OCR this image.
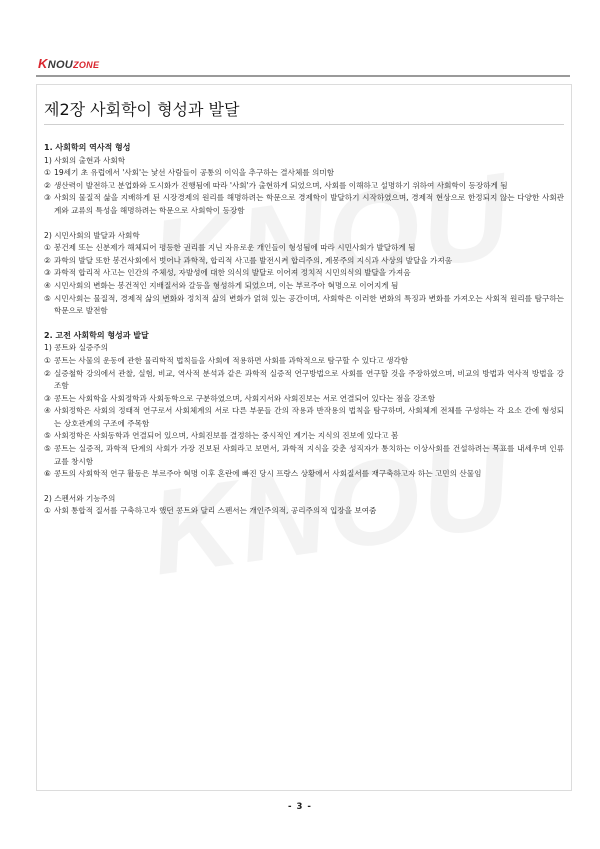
KNOUZONE
제2장 사회학이 형성과 발달

1. 사회학의 역사적 형성

1) 사회의 출현과 사회학

① 19세기 초 유럽에서 '사회'는 낯선 사람들이 공통의 이익을 추구하는 결사체를 의미함
② 생산력이 발전하고 분업화와 도시화가 진행됨에 따라 '사회'가 출현하게 되었으며, 사회를 이해하고 설명하기 위하여 사회학이 등장하게 됨
③ 사회의 물질적 삶을 지배하게 된 시장경제의 원리를 해명하려는 학문으로 경제학이 발달하기 시작하였으며, 경제적 현상으로 한정되지 않는 다양한 사회관계와 교류의 특성을 해명하려는 학문으로 사회학이 등장함

2) 시민사회의 발달과 사회학

① 봉건제 또는 신분제가 해체되어 평등한 권리를 지닌 자유로운 개인들이 형성됨에 따라 시민사회가 발달하게 됨
② 과학의 발달 또한 봉건사회에서 벗어나 과학적, 합리적 사고를 발전시켜 합리주의, 계몽주의 지식과 사상의 발달을 가져옴
③ 과학적 합리적 사고는 인간의 주체성, 자발성에 대한 의식의 발달로 이어져 정치적 시민의식의 발달을 가져옴
④ 시민사회의 변화는 봉건적인 지배질서와 갈등을 형성하게 되었으며, 이는 부르주아 혁명으로 이어지게 됨
⑤ 시민사회는 물질적, 경제적 삶의 변화와 정치적 삶의 변화가 얽혀 있는 공간이며, 사회학은 이러한 변화의 특징과 변화를 가져오는 사회적 원리를 탐구하는 학문으로 발전함

2. 고전 사회학의 형성과 발달

1) 콩트와 실증주의

① 콩트는 사물의 운동에 관한 물리학적 법칙들을 사회에 적용하면 사회를 과학적으로 탐구할 수 있다고 생각함
② 실증철학 강의에서 관찰, 실험, 비교, 역사적 분석과 같은 과학적 실증적 연구방법으로 사회를 연구할 것을 주장하였으며, 비교의 방법과 역사적 방법을 강조함
③ 콩트는 사회학을 사회정학과 사회동학으로 구분하였으며, 사회지서와 사회진보는 서로 연결되어 있다는 점을 강조함
④ 사회정학은 사회의 정태적 연구로서 사회체계의 서로 다른 부문들 간의 작용과 반작용의 법칙을 탐구하며, 사회체계 전체를 구성하는 각 요소 간에 형성되는 상호관계의 구조에 주목함
⑤ 사회정학은 사회동학과 연결되어 있으며, 사회진보를 결정하는 중시적인 계기는 지식의 진보에 있다고 봄
⑤ 콩트는 실증적, 과학적 단계의 사회가 가장 진보된 사회라고 보면서, 과학적 지식을 갖춘 성직자가 통치하는 이상사회를 건설하려는 목표를 내세우며 인류교를 창시함
⑥ 콩트의 사회학적 연구 활동은 부르주아 혁명 이후 혼란에 빠진 당시 프랑스 상황에서 사회질서를 재구축하고자 하는 고민의 산물임

2) 스펜서와 기능주의

① 사회 통합적 질서를 구축하고자 했던 콩트와 달리 스펜서는 개인주의적, 공리주의적 입장을 보여줌
- 3 -
